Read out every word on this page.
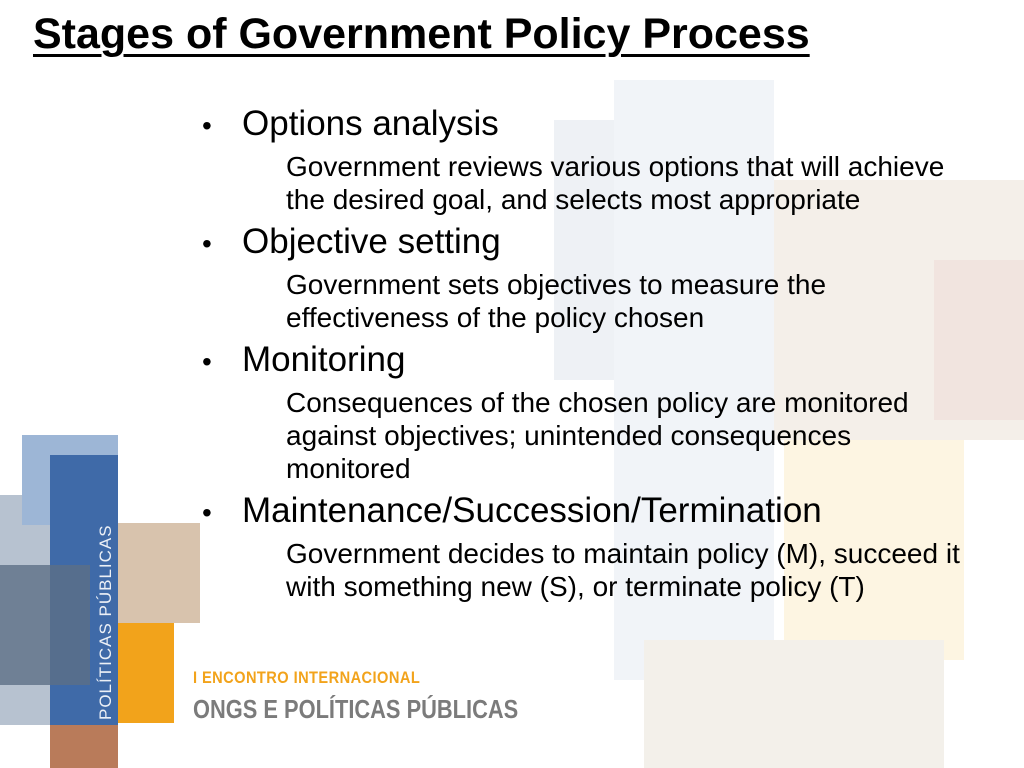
POLÍTICAS PÚBLICAS	I ENCONTRO INTERNACIONAL
ONGS E POLÍTICAS PÚBLICAS
Stages of Government Policy Process
• Options analysis
Government reviews various options that will achieve the desired goal, and selects most appropriate
• Objective setting
Government sets objectives to measure the effectiveness of the policy chosen
• Monitoring
Consequences of the chosen policy are monitored against objectives; unintended consequences monitored
• Maintenance/Succession/Termination
Government decides to maintain policy (M), succeed it with something new (S), or terminate policy (T)
